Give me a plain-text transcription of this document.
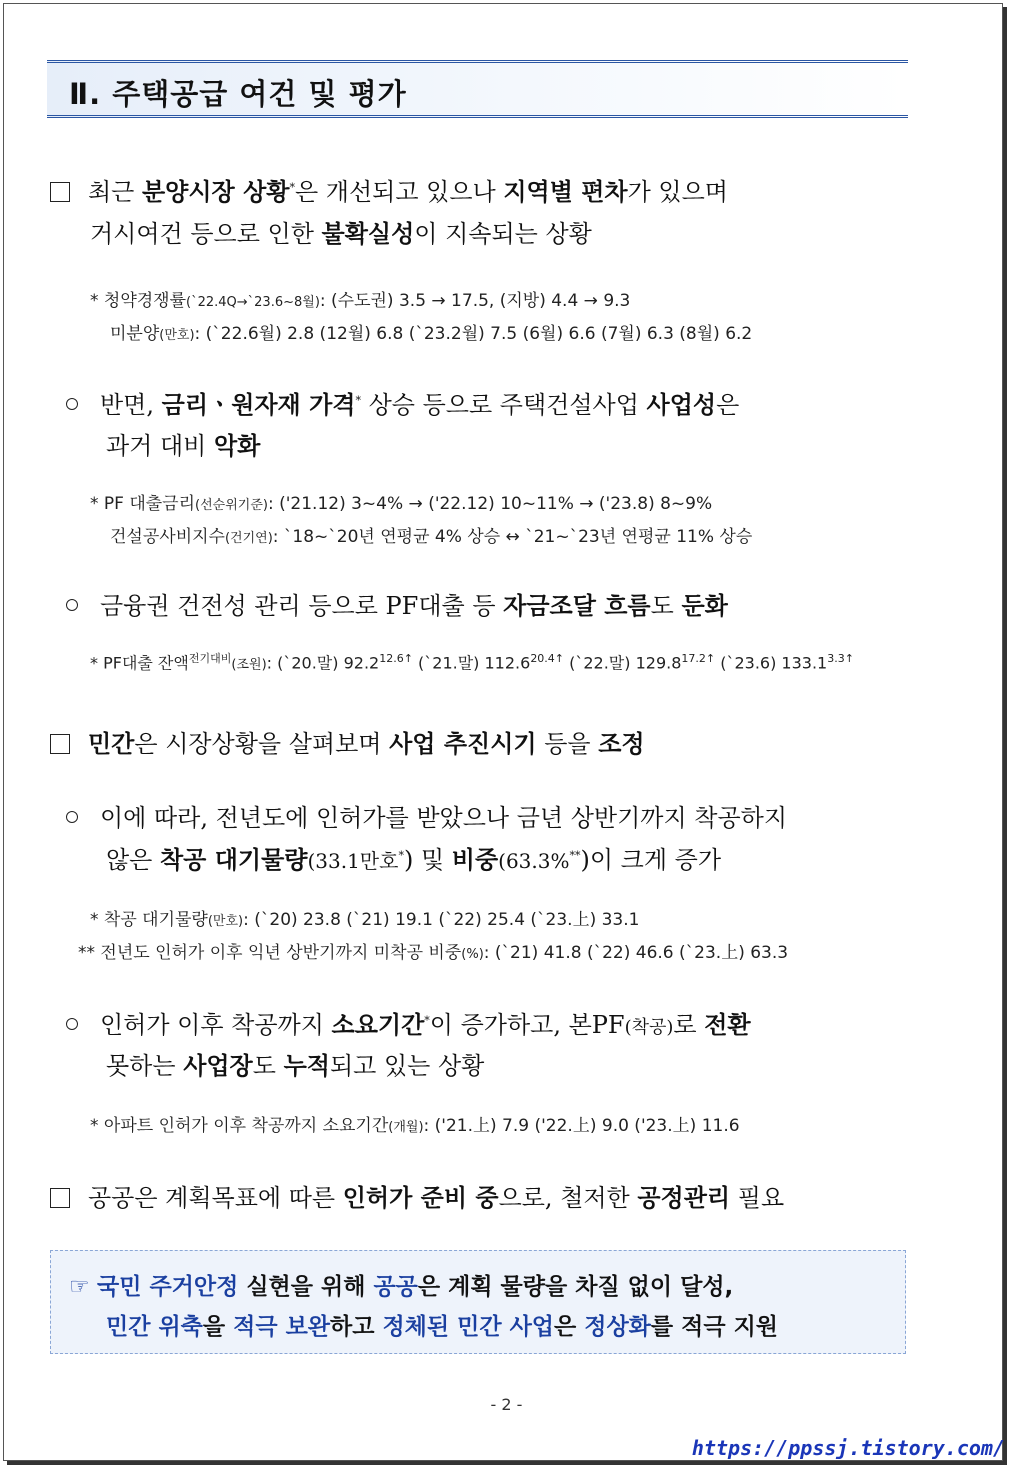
Ⅱ. 주택공급 여건 및 평가
최근 분양시장 상황*은 개선되고 있으나 지역별 편차가 있으며
거시여건 등으로 인한 불확실성이 지속되는 상황
* 청약경쟁률(`22.4Q→`23.6~8월): (수도권) 3.5 → 17.5, (지방) 4.4 → 9.3
미분양(만호): (`22.6월) 2.8 (12월) 6.8 (`23.2월) 7.5 (6월) 6.6 (7월) 6.3 (8월) 6.2
반면, 금리ㆍ원자재 가격* 상승 등으로 주택건설사업 사업성은
과거 대비 악화
* PF 대출금리(선순위기준): ('21.12) 3~4% → ('22.12) 10~11% → ('23.8) 8~9%
건설공사비지수(건기연): `18~`20년 연평균 4% 상승 ↔ `21~`23년 연평균 11% 상승
금융권 건전성 관리 등으로 PF대출 등 자금조달 흐름도 둔화
* PF대출 잔액$^{전기대비}$(조원): (`20.말) $92.2^{12.6↑}$ (`21.말) $112.6^{20.4↑}$ (`22.말) $129.8^{17.2↑}$ (`23.6) $133.1^{3.3↑}$
민간은 시장상황을 살펴보며 사업 추진시기 등을 조정
이에 따라, 전년도에 인허가를 받았으나 금년 상반기까지 착공하지
않은 착공 대기물량(33.1만호*) 및 비중(63.3%**)이 크게 증가
* 착공 대기물량(만호): (`20) 23.8 (`21) 19.1 (`22) 25.4 (`23.上) 33.1
** 전년도 인허가 이후 익년 상반기까지 미착공 비중(%): (`21) 41.8 (`22) 46.6 (`23.上) 63.3
인허가 이후 착공까지 소요기간*이 증가하고, 본PF(착공)로 전환
못하는 사업장도 누적되고 있는 상황
* 아파트 인허가 이후 착공까지 소요기간(개월): ('21.上) 7.9 ('22.上) 9.0 ('23.上) 11.6
공공은 계획목표에 따른 인허가 준비 중으로, 철저한 공정관리 필요
☞ 국민 주거안정 실현을 위해 공공은 계획 물량을 차질 없이 달성,
민간 위축을 적극 보완하고 정체된 민간 사업은 정상화를 적극 지원
- 2 -
https://ppssj.tistory.com/
